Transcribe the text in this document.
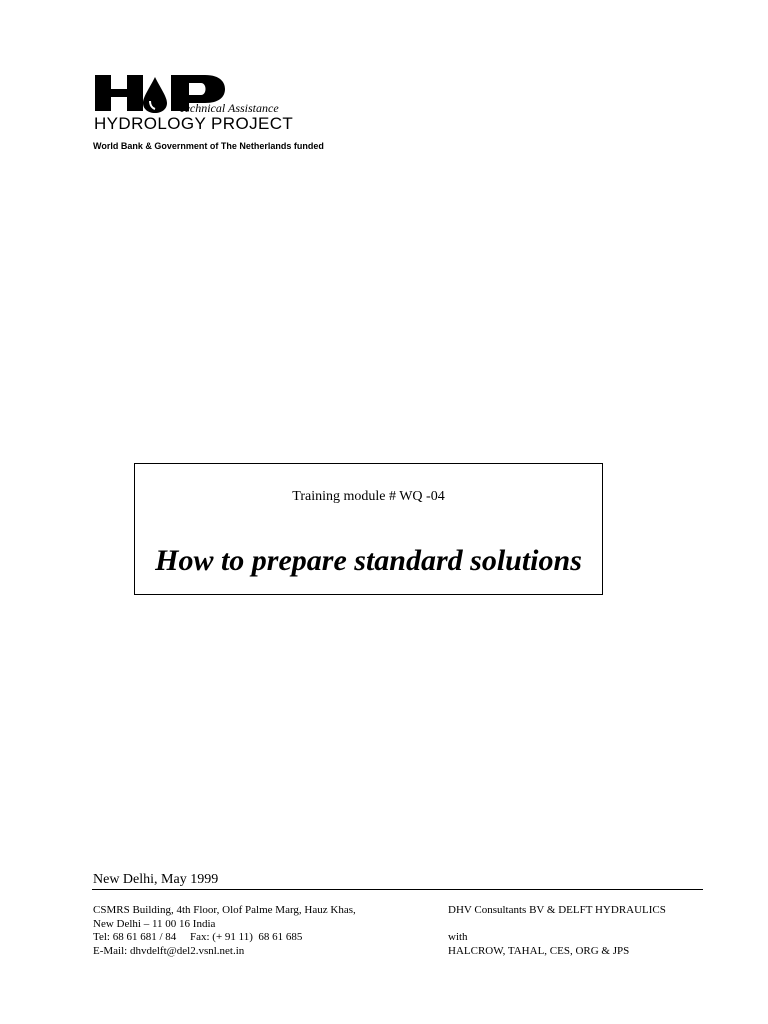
Technical Assistance
HYDROLOGY PROJECT
World Bank & Government of The Netherlands funded
Training module # WQ -04
How to prepare standard solutions
New Delhi, May 1999
CSMRS Building, 4th Floor, Olof Palme Marg, Hauz Khas,
New Delhi – 11 00 16 India
Tel: 68 61 681 / 84     Fax: (+ 91 11)  68 61 685
E-Mail: dhvdelft@del2.vsnl.net.in
DHV Consultants BV & DELFT HYDRAULICS
with
HALCROW, TAHAL, CES, ORG & JPS
